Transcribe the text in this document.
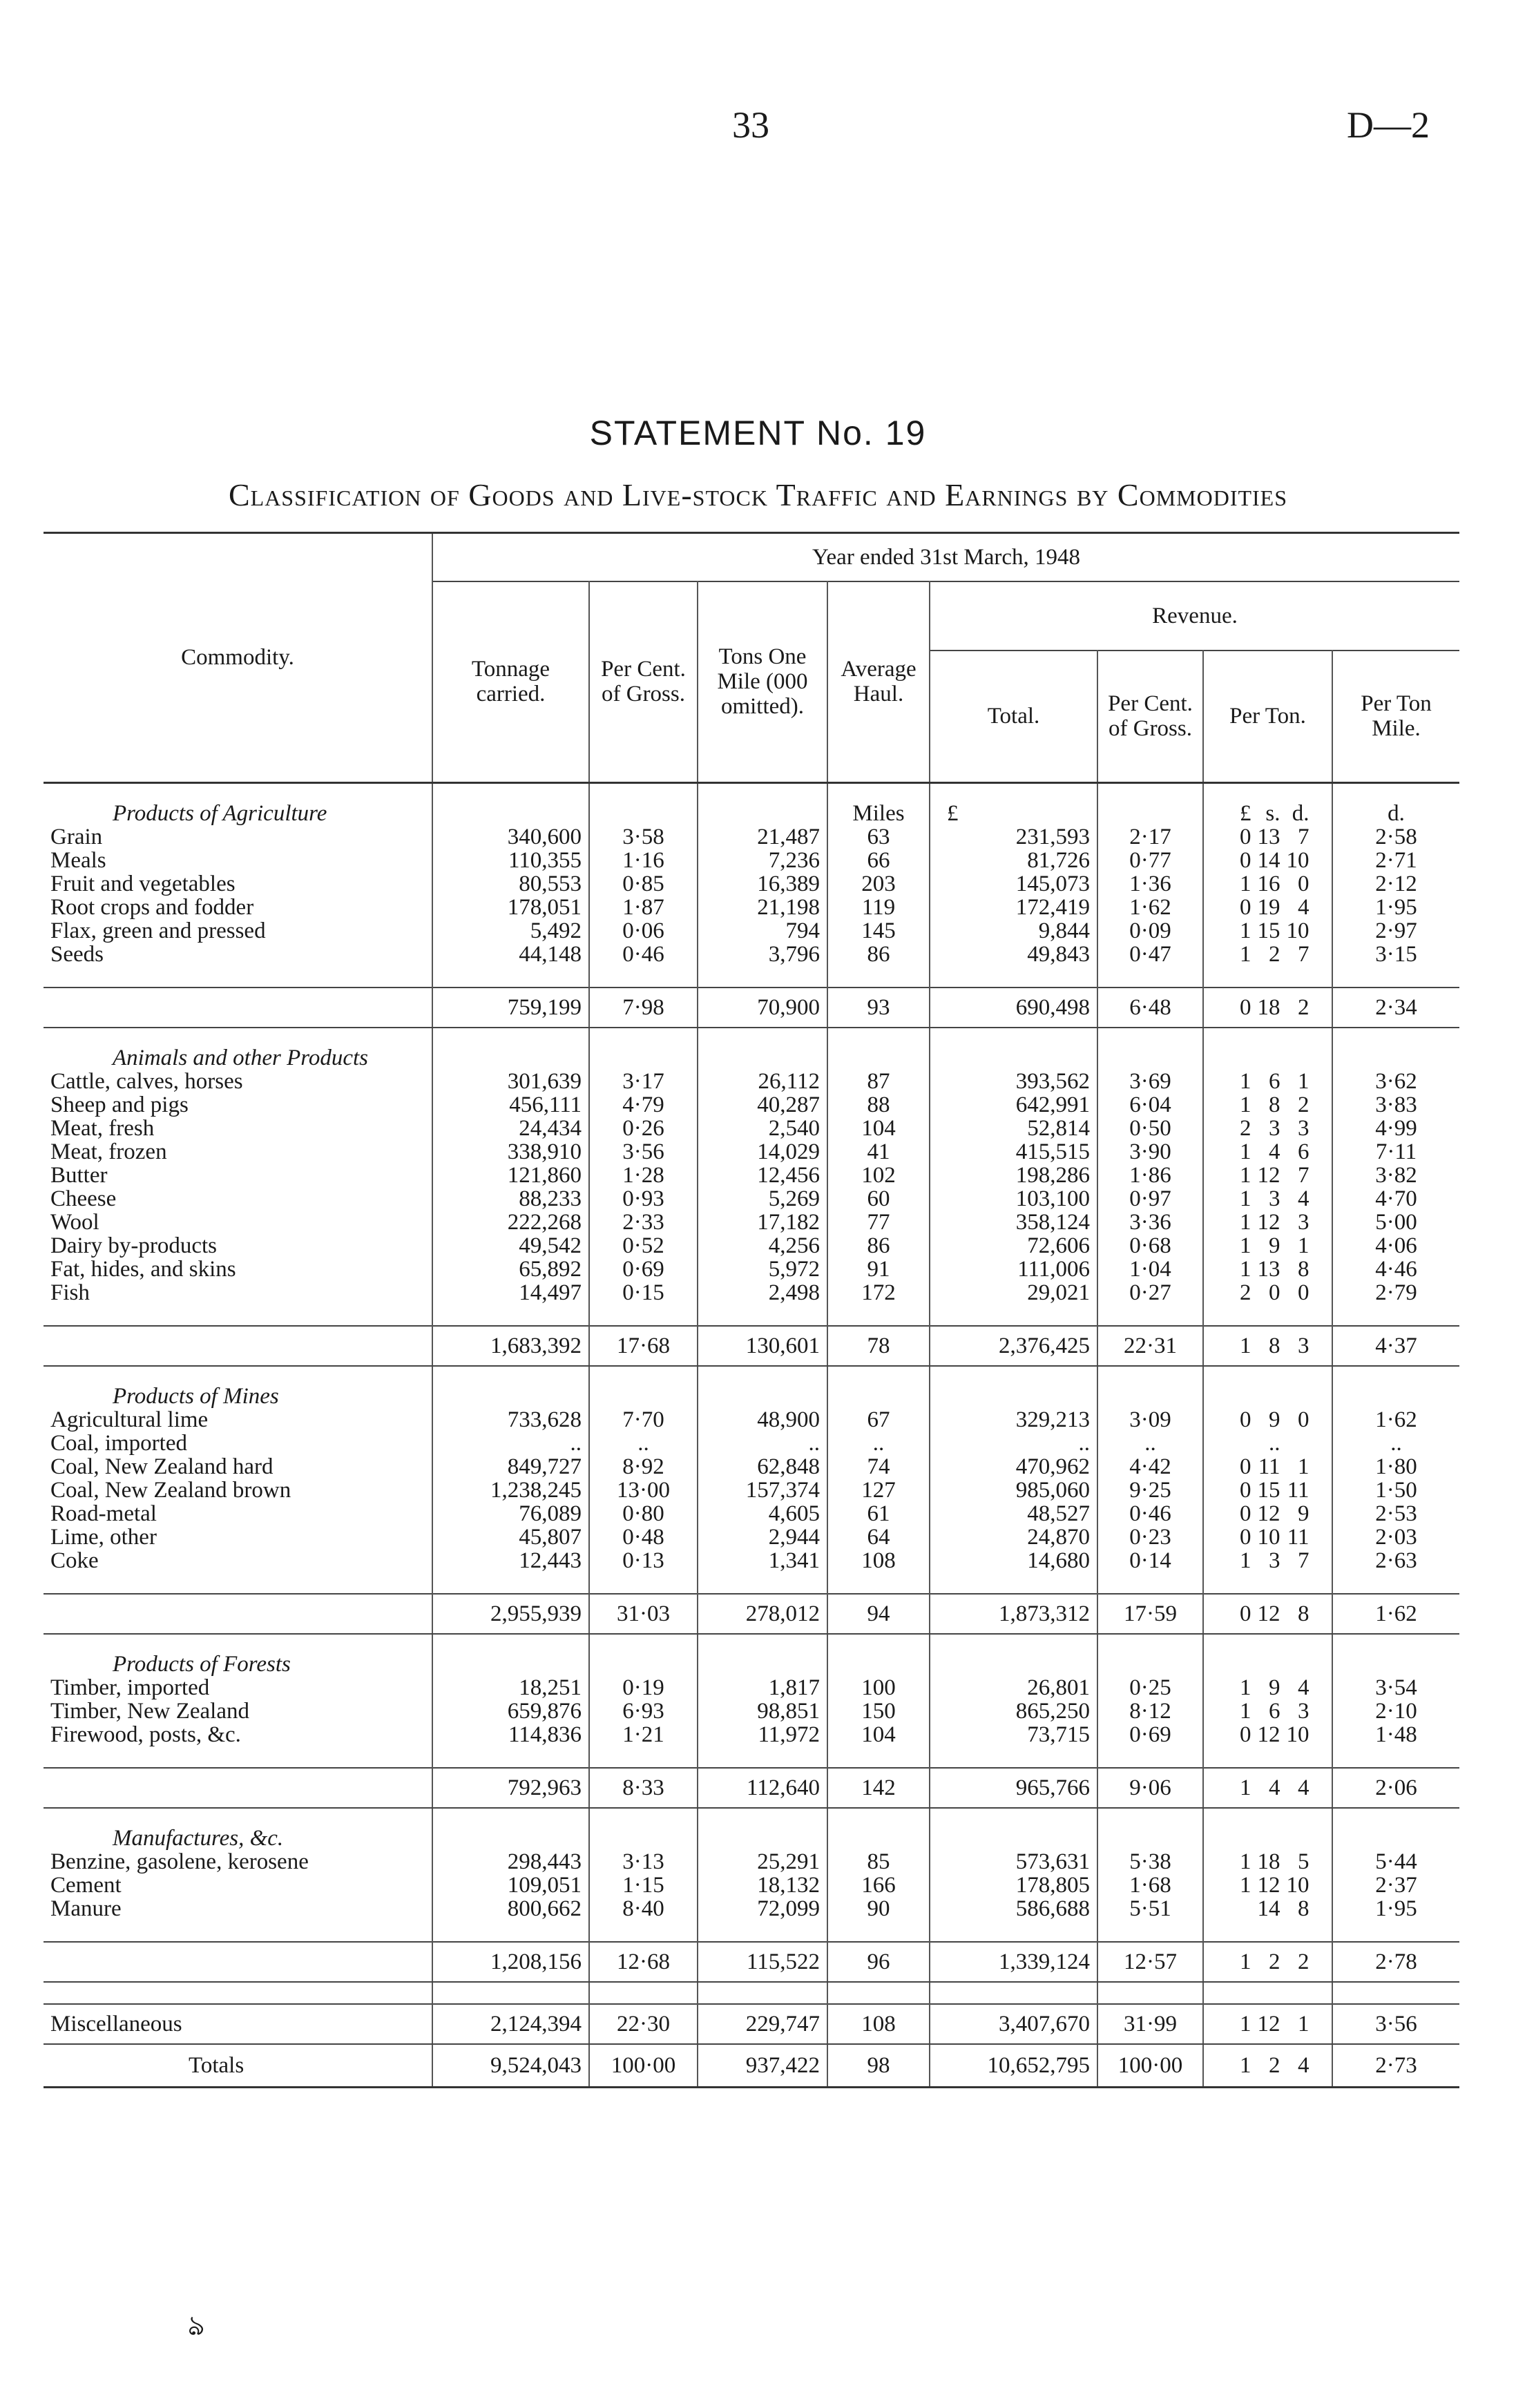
33	D—2
STATEMENT No. 19
Classification of Goods and Live-stock Traffic and Earnings by Commodities
Commodity.	Year ended 31st March, 1948							
	Tonnage carried.	Per Cent. of Gross.	Tons One Mile (000 omitted).	Average Haul.	Revenue.			
					Total.	Per Cent. of Gross.	Per Ton.	Per Ton Mile.

Products of Agriculture				Miles	£		£ s. d.	d.
Grain	340,600	3·58	21,487	63	231,593	2·17	0 13 7	2·58
Meals	110,355	1·16	7,236	66	81,726	0·77	0 14 10	2·71
Fruit and vegetables	80,553	0·85	16,389	203	145,073	1·36	1 16 0	2·12
Root crops and fodder	178,051	1·87	21,198	119	172,419	1·62	0 19 4	1·95
Flax, green and pressed	5,492	0·06	794	145	9,844	0·09	1 15 10	2·97
Seeds	44,148	0·46	3,796	86	49,843	0·47	1 2 7	3·15

	759,199	7·98	70,900	93	690,498	6·48	0 18 2	2·34
Animals and other Products								
Cattle, calves, horses	301,639	3·17	26,112	87	393,562	3·69	1 6 1	3·62
Sheep and pigs	456,111	4·79	40,287	88	642,991	6·04	1 8 2	3·83
Meat, fresh	24,434	0·26	2,540	104	52,814	0·50	2 3 3	4·99
Meat, frozen	338,910	3·56	14,029	41	415,515	3·90	1 4 6	7·11
Butter	121,860	1·28	12,456	102	198,286	1·86	1 12 7	3·82
Cheese	88,233	0·93	5,269	60	103,100	0·97	1 3 4	4·70
Wool	222,268	2·33	17,182	77	358,124	3·36	1 12 3	5·00
Dairy by-products	49,542	0·52	4,256	86	72,606	0·68	1 9 1	4·06
Fat, hides, and skins	65,892	0·69	5,972	91	111,006	1·04	1 13 8	4·46
Fish	14,497	0·15	2,498	172	29,021	0·27	2 0 0	2·79

	1,683,392	17·68	130,601	78	2,376,425	22·31	1 8 3	4·37
Products of Mines								
Agricultural lime	733,628	7·70	48,900	67	329,213	3·09	0 9 0	1·62
Coal, imported	..	..	..	..	..	..	..	..
Coal, New Zealand hard	849,727	8·92	62,848	74	470,962	4·42	0 11 1	1·80
Coal, New Zealand brown	1,238,245	13·00	157,374	127	985,060	9·25	0 15 11	1·50
Road-metal	76,089	0·80	4,605	61	48,527	0·46	0 12 9	2·53
Lime, other	45,807	0·48	2,944	64	24,870	0·23	0 10 11	2·03
Coke	12,443	0·13	1,341	108	14,680	0·14	1 3 7	2·63

	2,955,939	31·03	278,012	94	1,873,312	17·59	0 12 8	1·62
Products of Forests								
Timber, imported	18,251	0·19	1,817	100	26,801	0·25	1 9 4	3·54
Timber, New Zealand	659,876	6·93	98,851	150	865,250	8·12	1 6 3	2·10
Firewood, posts, &c.	114,836	1·21	11,972	104	73,715	0·69	0 12 10	1·48

	792,963	8·33	112,640	142	965,766	9·06	1 4 4	2·06
Manufactures, &c.								
Benzine, gasolene, kerosene	298,443	3·13	25,291	85	573,631	5·38	1 18 5	5·44
Cement	109,051	1·15	18,132	166	178,805	1·68	1 12 10	2·37
Manure	800,662	8·40	72,099	90	586,688	5·51	14 8	1·95

	1,208,156	12·68	115,522	96	1,339,124	12·57	1 2 2	2·78

Miscellaneous	2,124,394	22·30	229,747	108	3,407,670	31·99	1 12 1	3·56
Totals	9,524,043	100·00	937,422	98	10,652,795	100·00	1 2 4	2·73
ঌ
